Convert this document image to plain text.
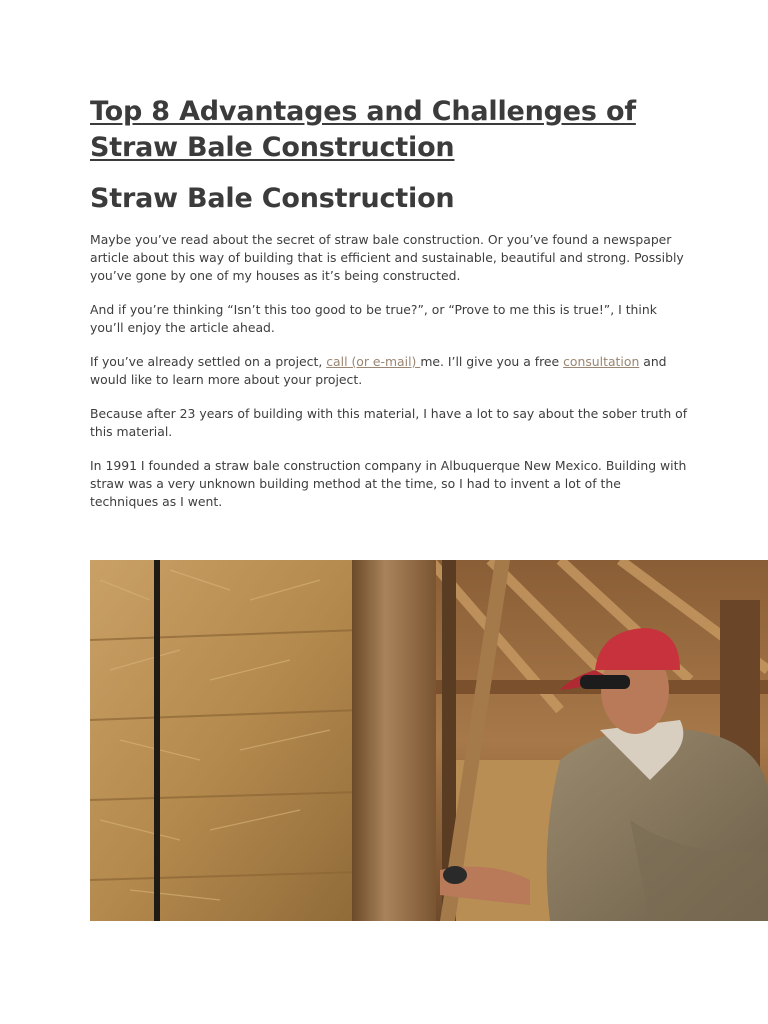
Top 8 Advantages and Challenges of Straw Bale Construction
Straw Bale Construction

Maybe you’ve read about the secret of straw bale construction. Or you’ve found a newspaper article about this way of building that is efficient and sustainable, beautiful and strong. Possibly you’ve gone by one of my houses as it’s being constructed.

And if you’re thinking “Isn’t this too good to be true?”, or “Prove to me this is true!”, I think you’ll enjoy the article ahead.

If you’ve already settled on a project, call (or e-mail) me. I’ll give you a free consultation and would like to learn more about your project.

Because after 23 years of building with this material, I have a lot to say about the sober truth of this material.

In 1991 I founded a straw bale construction company in Albuquerque New Mexico. Building with straw was a very unknown building method at the time, so I had to invent a lot of the techniques as I went.
